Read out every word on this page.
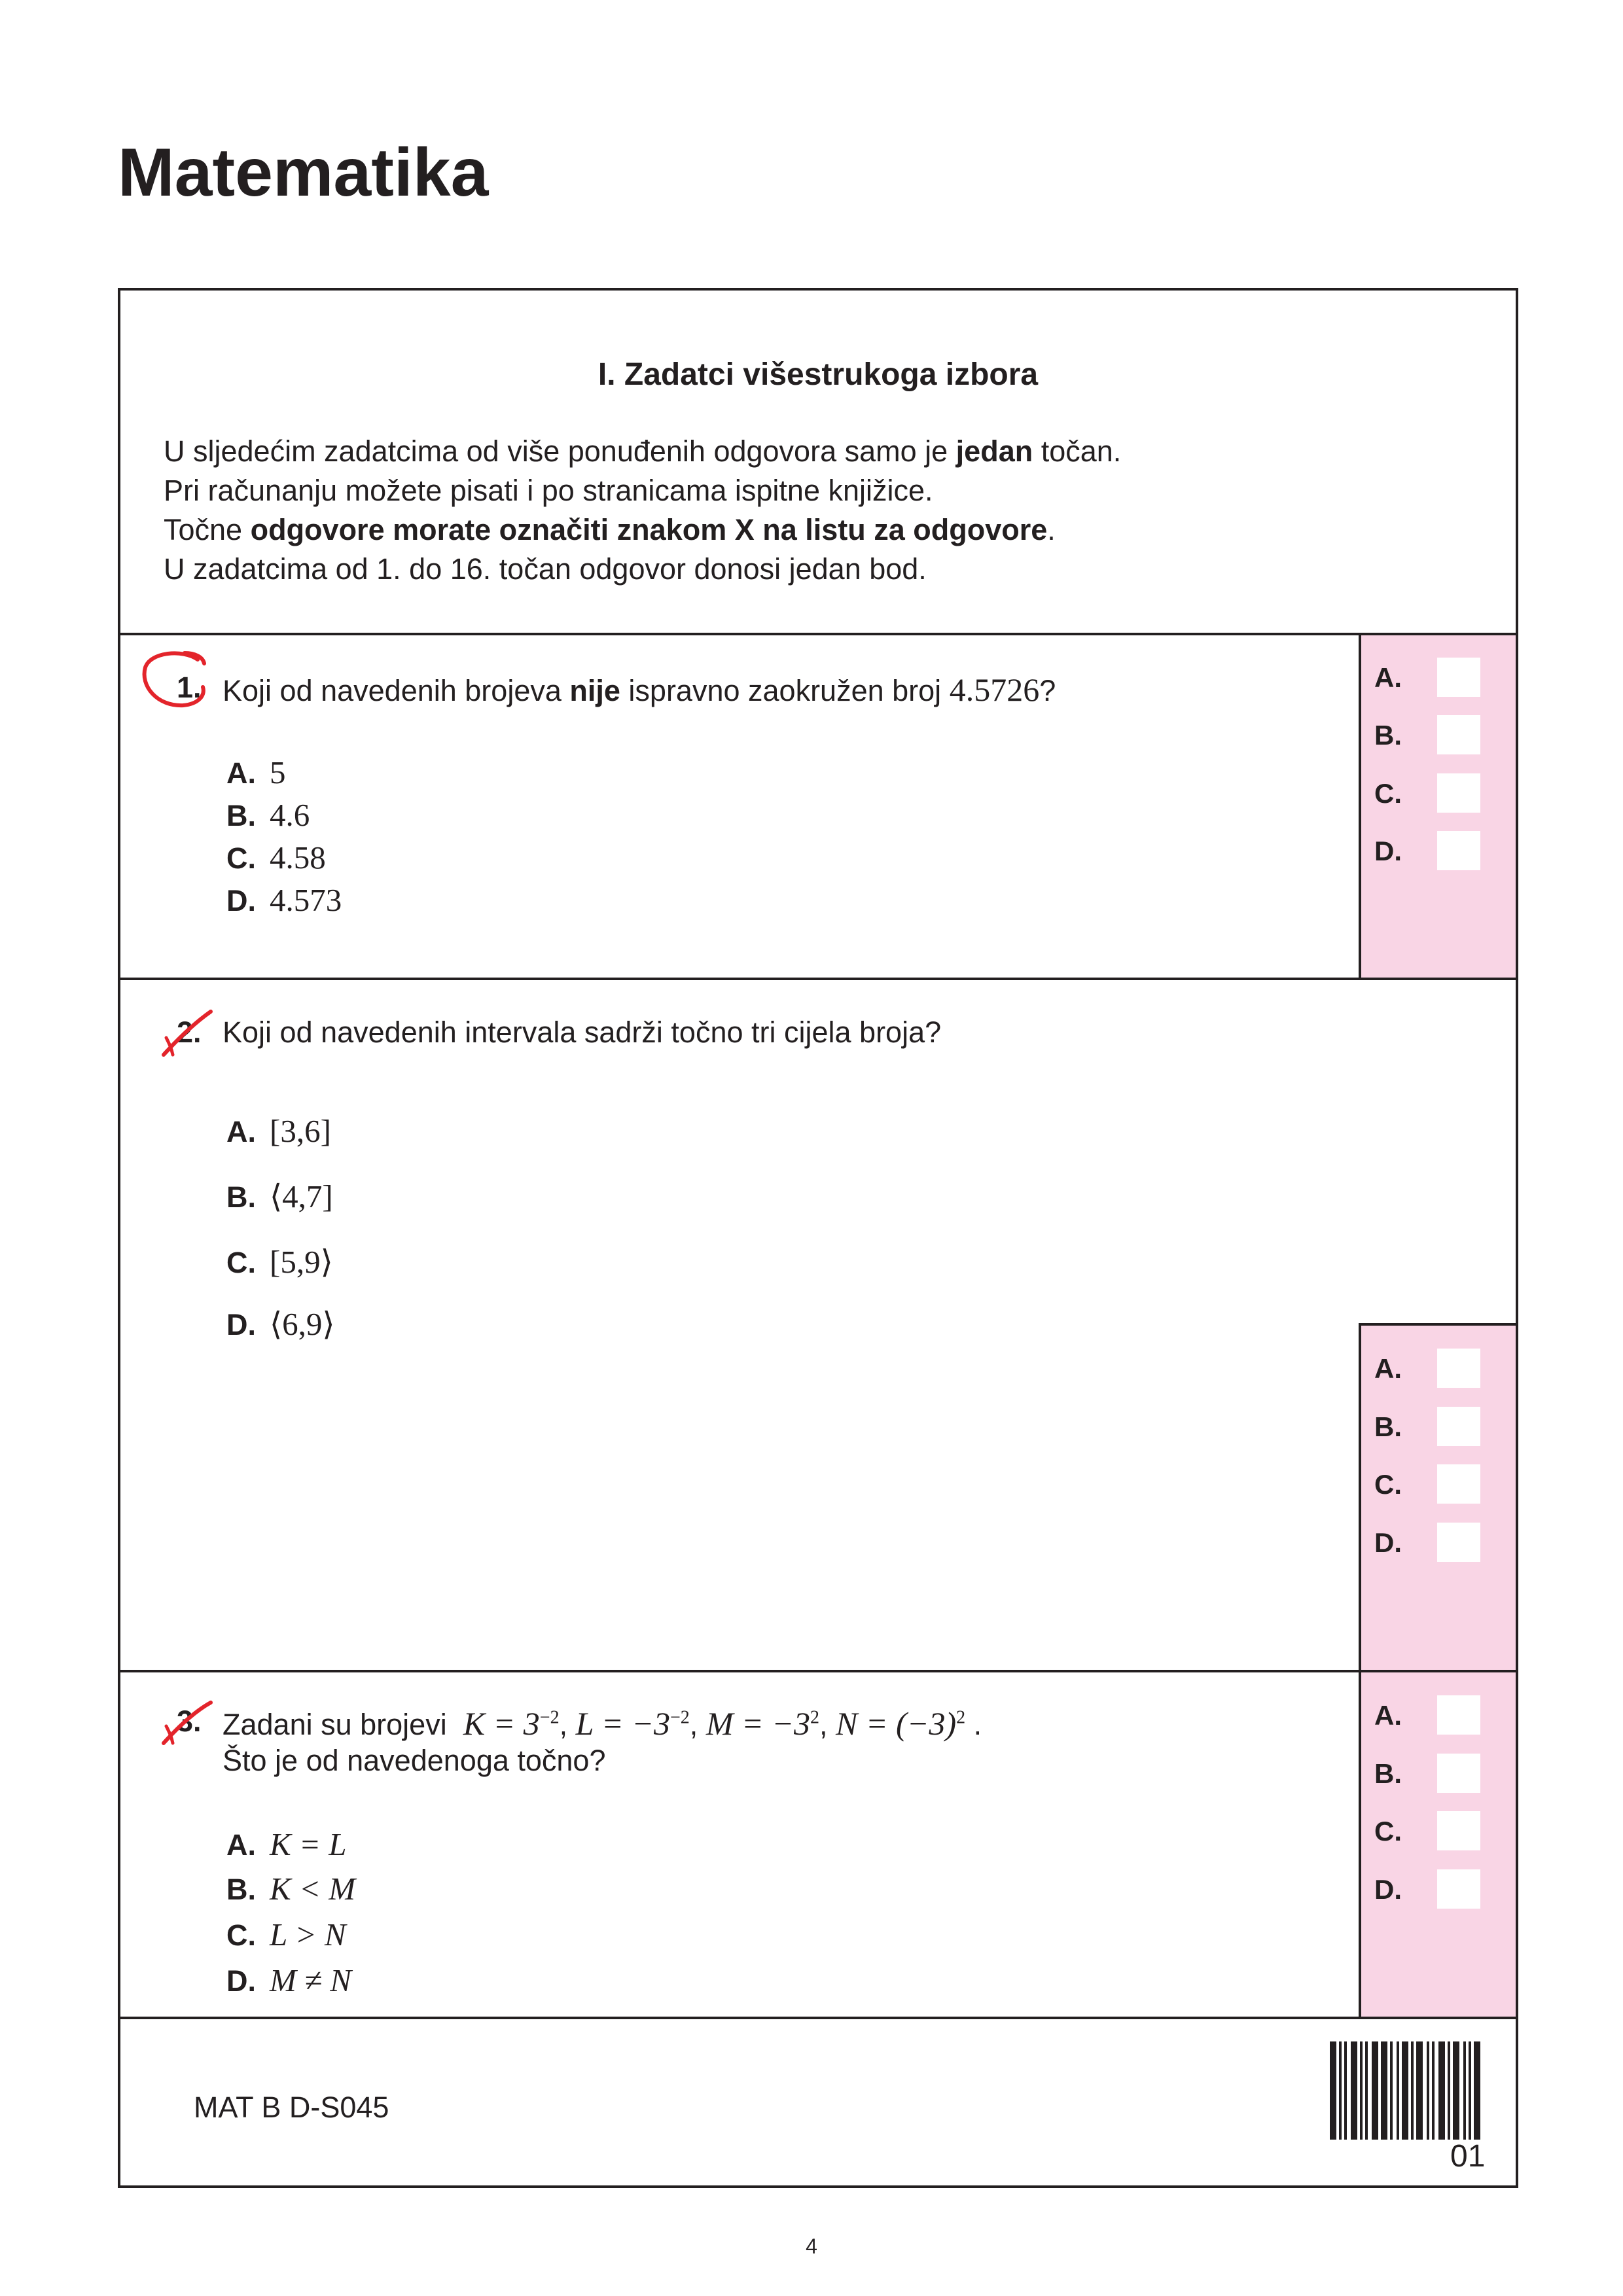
Matematika
I. Zadatci višestrukoga izbora
U sljedećim zadatcima od više ponuđenih odgovora samo je jedan točan.
Pri računanju možete pisati i po stranicama ispitne knjižice.
Točne odgovore morate označiti znakom X na listu za odgovore.
U zadatcima od 1. do 16. točan odgovor donosi jedan bod.
1. Koji od navedenih brojeva nije ispravno zaokružen broj 4.5726?
A. 5
B. 4.6
C. 4.58
D. 4.573
A.
B.
C.
D.
2. Koji od navedenih intervala sadrži točno tri cijela broja?
A. [3,6]
B. ⟨4,7]
C. [5,9⟩
D. ⟨6,9⟩
A.
B.
C.
D.
3. Zadani su brojevi $K = 3^{-2}$, $L = -3^{-2}$, $M = -3^2$, $N = (-3)^2$ .
Što je od navedenoga točno?
A. K = L
B. K < M
C. L > N
D. M ≠ N
A.
B.
C.
D.
MAT B D-S045
01
4
